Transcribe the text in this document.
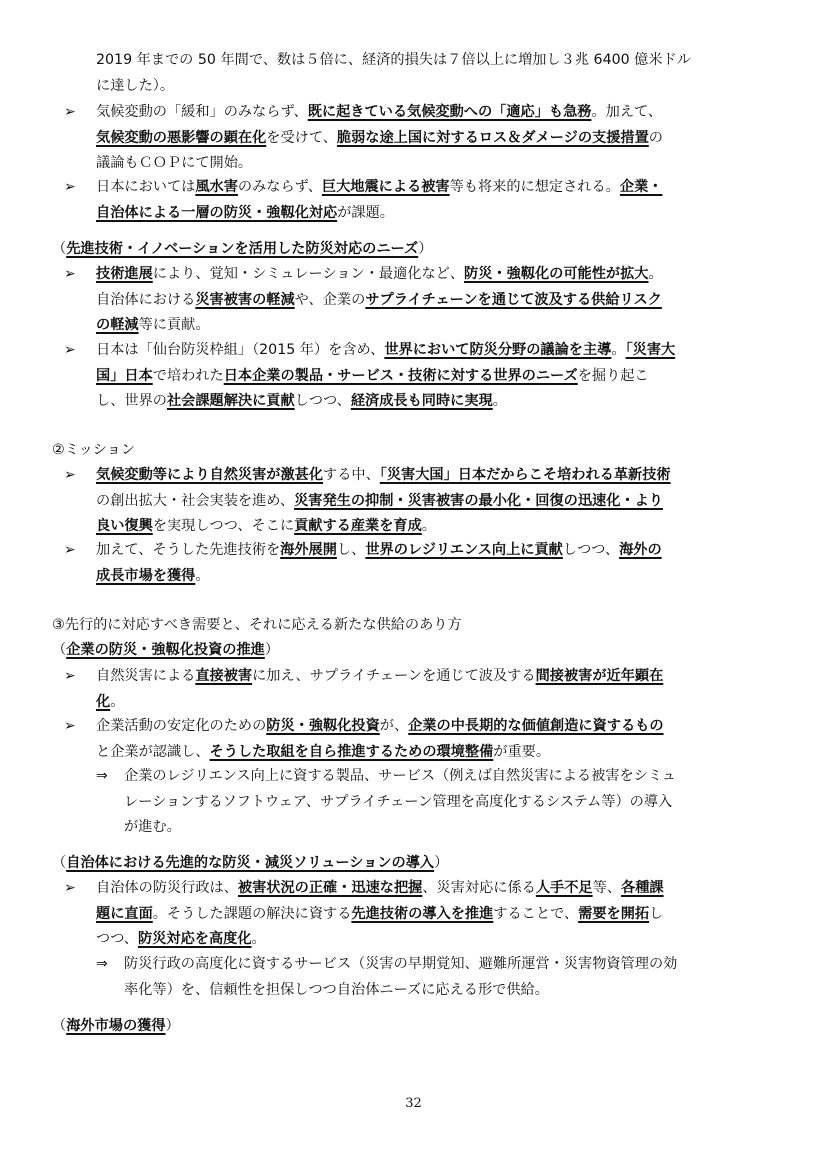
2019 年までの 50 年間で、数は５倍に、経済的損失は７倍以上に増加し３兆 6400 億米ドル
に達した）。
➢ 気候変動の「緩和」のみならず、既に起きている気候変動への「適応」も急務。加えて、
気候変動の悪影響の顕在化を受けて、脆弱な途上国に対するロス＆ダメージの支援措置の
議論もＣＯＰにて開始。
➢ 日本においては風水害のみならず、巨大地震による被害等も将来的に想定される。企業・
自治体による一層の防災・強靱化対応が課題。
（先進技術・イノベーションを活用した防災対応のニーズ）
➢ 技術進展により、覚知・シミュレーション・最適化など、防災・強靱化の可能性が拡大。
自治体における災害被害の軽減や、企業のサプライチェーンを通じて波及する供給リスク
の軽減等に貢献。
➢ 日本は「仙台防災枠組」（2015 年）を含め、世界において防災分野の議論を主導。「災害大
国」日本で培われた日本企業の製品・サービス・技術に対する世界のニーズを掘り起こ
し、世界の社会課題解決に貢献しつつ、経済成長も同時に実現。
②ミッション
➢ 気候変動等により自然災害が激甚化する中、「災害大国」日本だからこそ培われる革新技術
の創出拡大・社会実装を進め、災害発生の抑制・災害被害の最小化・回復の迅速化・より
良い復興を実現しつつ、そこに貢献する産業を育成。
➢ 加えて、そうした先進技術を海外展開し、世界のレジリエンス向上に貢献しつつ、海外の
成長市場を獲得。
③先行的に対応すべき需要と、それに応える新たな供給のあり方
（企業の防災・強靱化投資の推進）
➢ 自然災害による直接被害に加え、サプライチェーンを通じて波及する間接被害が近年顕在
化。
➢ 企業活動の安定化のための防災・強靱化投資が、企業の中長期的な価値創造に資するもの
と企業が認識し、そうした取組を自ら推進するための環境整備が重要。
⇒ 企業のレジリエンス向上に資する製品、サービス（例えば自然災害による被害をシミュ
レーションするソフトウェア、サプライチェーン管理を高度化するシステム等）の導入
が進む。
（自治体における先進的な防災・減災ソリューションの導入）
➢ 自治体の防災行政は、被害状況の正確・迅速な把握、災害対応に係る人手不足等、各種課
題に直面。そうした課題の解決に資する先進技術の導入を推進することで、需要を開拓し
つつ、防災対応を高度化。
⇒ 防災行政の高度化に資するサービス（災害の早期覚知、避難所運営・災害物資管理の効
率化等）を、信頼性を担保しつつ自治体ニーズに応える形で供給。
（海外市場の獲得）
32
